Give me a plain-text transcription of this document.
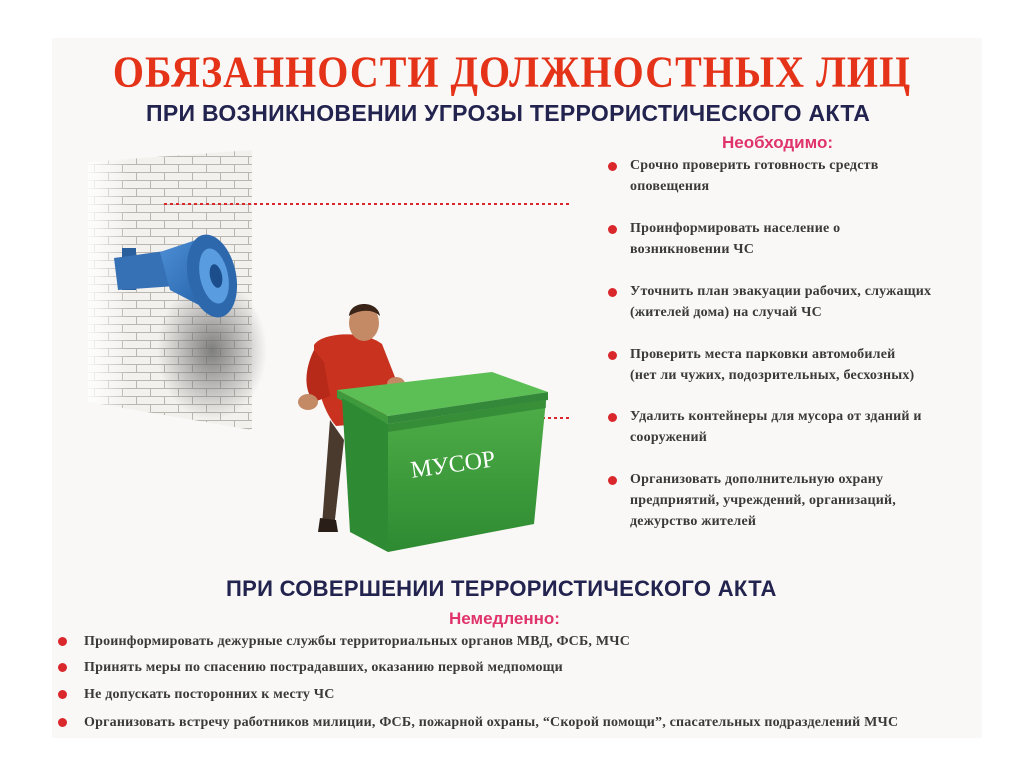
ОБЯЗАННОСТИ ДОЛЖНОСТНЫХ ЛИЦ
ПРИ ВОЗНИКНОВЕНИИ УГРОЗЫ ТЕРРОРИСТИЧЕСКОГО АКТА
Необходимо:
МУСОР
Срочно проверить готовность средств
оповещения
Проинформировать население о
возникновении ЧС
Уточнить план эвакуации рабочих, служащих
(жителей дома) на случай ЧС
Проверить места парковки автомобилей
(нет ли чужих, подозрительных, бесхозных)
Удалить контейнеры для мусора от зданий и
сооружений
Организовать дополнительную охрану
предприятий, учреждений, организаций,
дежурство жителей
ПРИ СОВЕРШЕНИИ ТЕРРОРИСТИЧЕСКОГО АКТА
Немедленно:
Проинформировать дежурные службы территориальных органов МВД, ФСБ, МЧС
Принять меры по спасению пострадавших, оказанию первой медпомощи
Не допускать посторонних к месту ЧС
Организовать встречу работников милиции, ФСБ, пожарной охраны, “Скорой помощи”, спасательных подразделений МЧС
